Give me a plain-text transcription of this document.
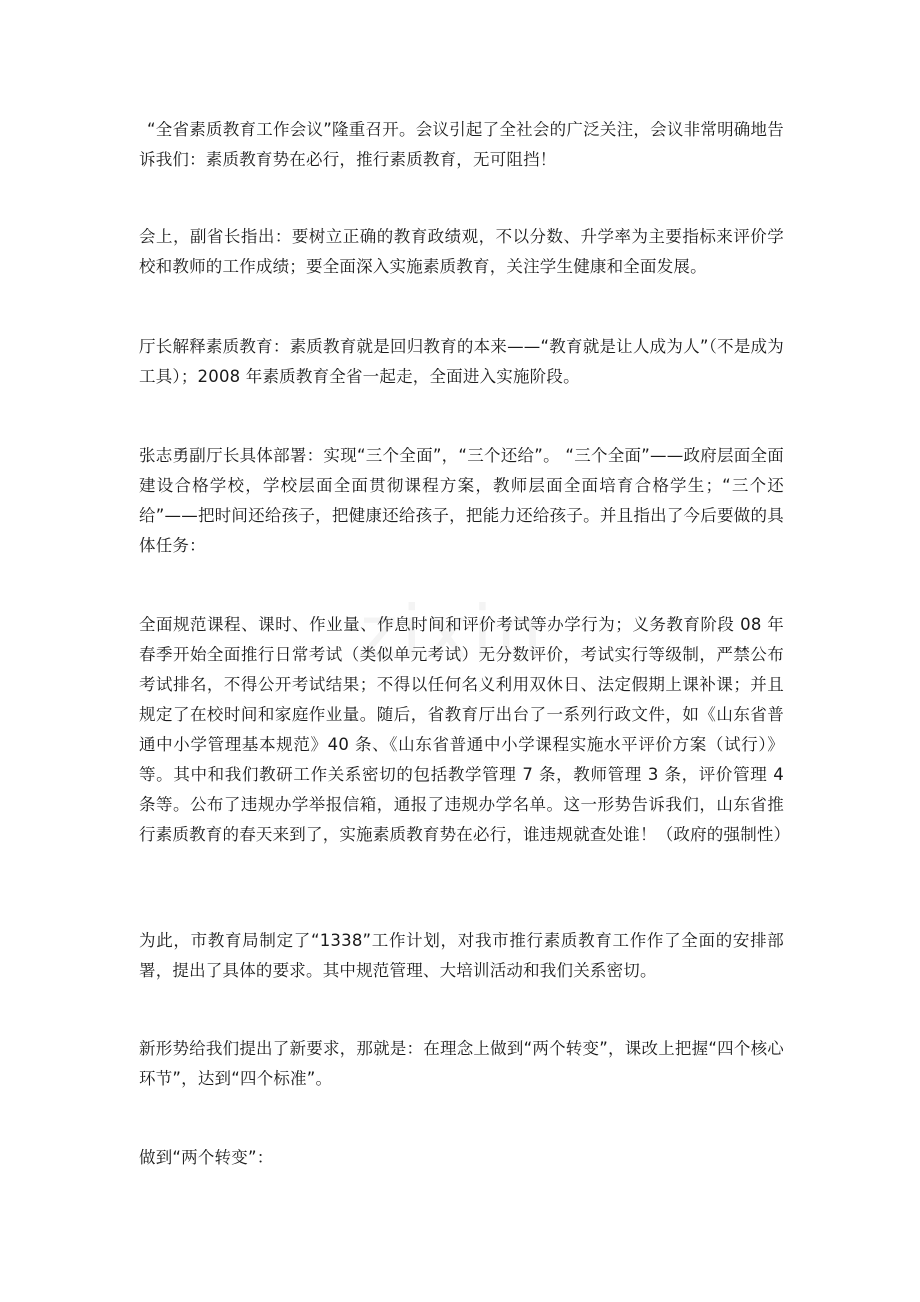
zixin

“全省素质教育工作会议”隆重召开。会议引起了全社会的广泛关注，会议非常明确地告诉我们：素质教育势在必行，推行素质教育，无可阻挡！

会上，副省长指出：要树立正确的教育政绩观，不以分数、升学率为主要指标来评价学校和教师的工作成绩；要全面深入实施素质教育，关注学生健康和全面发展。

厅长解释素质教育：素质教育就是回归教育的本来——“教育就是让人成为人”（不是成为工具）；2008 年素质教育全省一起走，全面进入实施阶段。

张志勇副厅长具体部署：实现“三个全面”，“三个还给”。 “三个全面”——政府层面全面建设合格学校，学校层面全面贯彻课程方案，教师层面全面培育合格学生；“三个还给”——把时间还给孩子，把健康还给孩子，把能力还给孩子。并且指出了今后要做的具体任务：

全面规范课程、课时、作业量、作息时间和评价考试等办学行为；义务教育阶段 08 年春季开始全面推行日常考试（类似单元考试）无分数评价，考试实行等级制，严禁公布考试排名，不得公开考试结果；不得以任何名义利用双休日、法定假期上课补课；并且规定了在校时间和家庭作业量。随后，省教育厅出台了一系列行政文件，如《山东省普通中小学管理基本规范》40 条、《山东省普通中小学课程实施水平评价方案（试行）》等。其中和我们教研工作关系密切的包括教学管理 7 条，教师管理 3 条，评价管理 4 条等。公布了违规办学举报信箱，通报了违规办学名单。这一形势告诉我们，山东省推行素质教育的春天来到了，实施素质教育势在必行，谁违规就查处谁！（政府的强制性）

为此，市教育局制定了“1338”工作计划，对我市推行素质教育工作作了全面的安排部署，提出了具体的要求。其中规范管理、大培训活动和我们关系密切。

新形势给我们提出了新要求，那就是：在理念上做到“两个转变”，课改上把握“四个核心环节”，达到“四个标准”。

做到“两个转变”：
